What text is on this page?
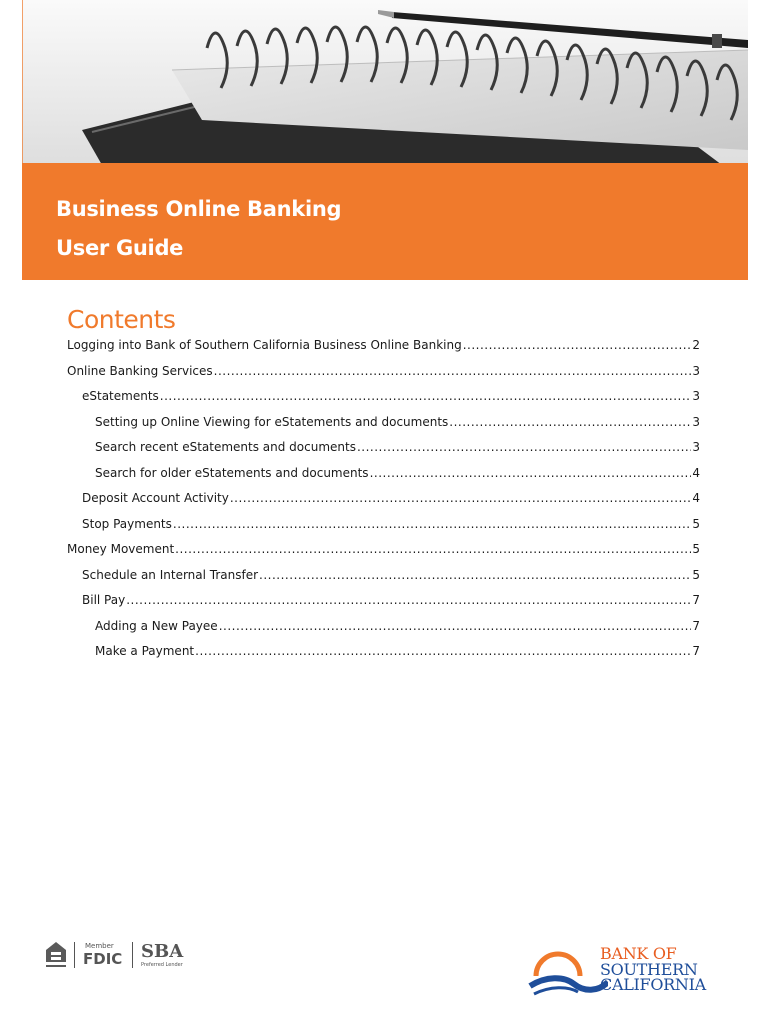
Business Online Banking
User Guide
Contents
Logging into Bank of Southern California Business Online Banking .....	2
Online Banking Services .....	3
eStatements .....	3
Setting up Online Viewing for eStatements and documents .....	3
Search recent eStatements and documents .....	3
Search for older eStatements and documents .....	4
Deposit Account Activity .....	4
Stop Payments .....	5
Money Movement .....	5
Schedule an Internal Transfer .....	5
Bill Pay .....	7
Adding a New Payee .....	7
Make a Payment .....	7
Member
FDIC SBA
Preferred Lender
BANK OF
SOUTHERN
CALIFORNIA
